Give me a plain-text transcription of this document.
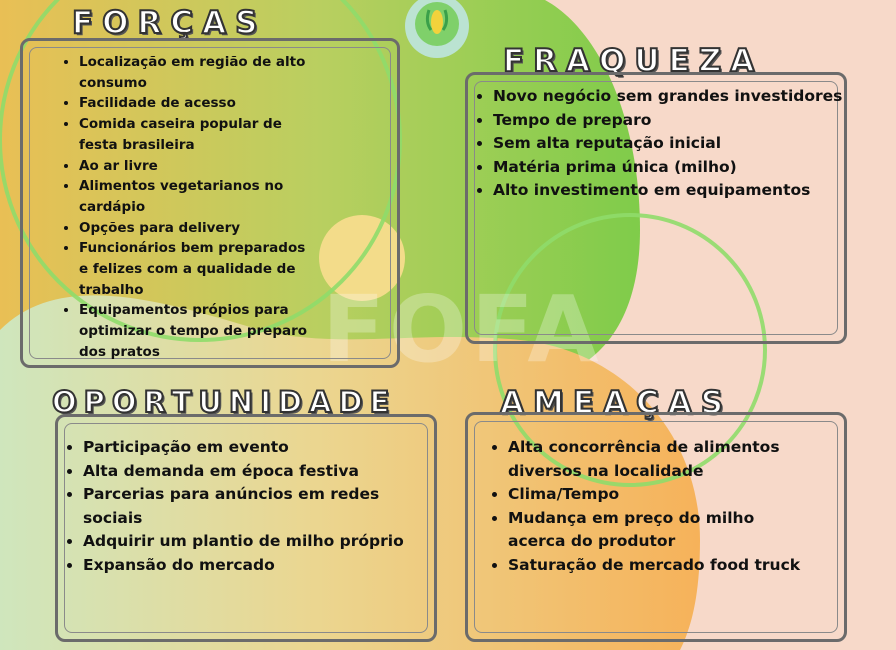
FOFA
FORÇAS
• Localização em região de alto consumo
• Facilidade de acesso
• Comida caseira popular de festa brasileira
• Ao ar livre
• Alimentos vegetarianos no cardápio
• Opções para delivery
• Funcionários bem preparados e felizes com a qualidade de trabalho
• Equipamentos própios para optimizar o tempo de preparo dos pratos
FRAQUEZA
• Novo negócio sem grandes investidores
• Tempo de preparo
• Sem alta reputação inicial
• Matéria prima única (milho)
• Alto investimento em equipamentos
OPORTUNIDADE
• Participação em evento
• Alta demanda em época festiva
• Parcerias para anúncios em redes sociais
• Adquirir um plantio de milho próprio
• Expansão do mercado
AMEAÇAS
• Alta concorrência de alimentos diversos na localidade
• Clima/Tempo
• Mudança em preço do milho acerca do produtor
• Saturação de mercado food truck
